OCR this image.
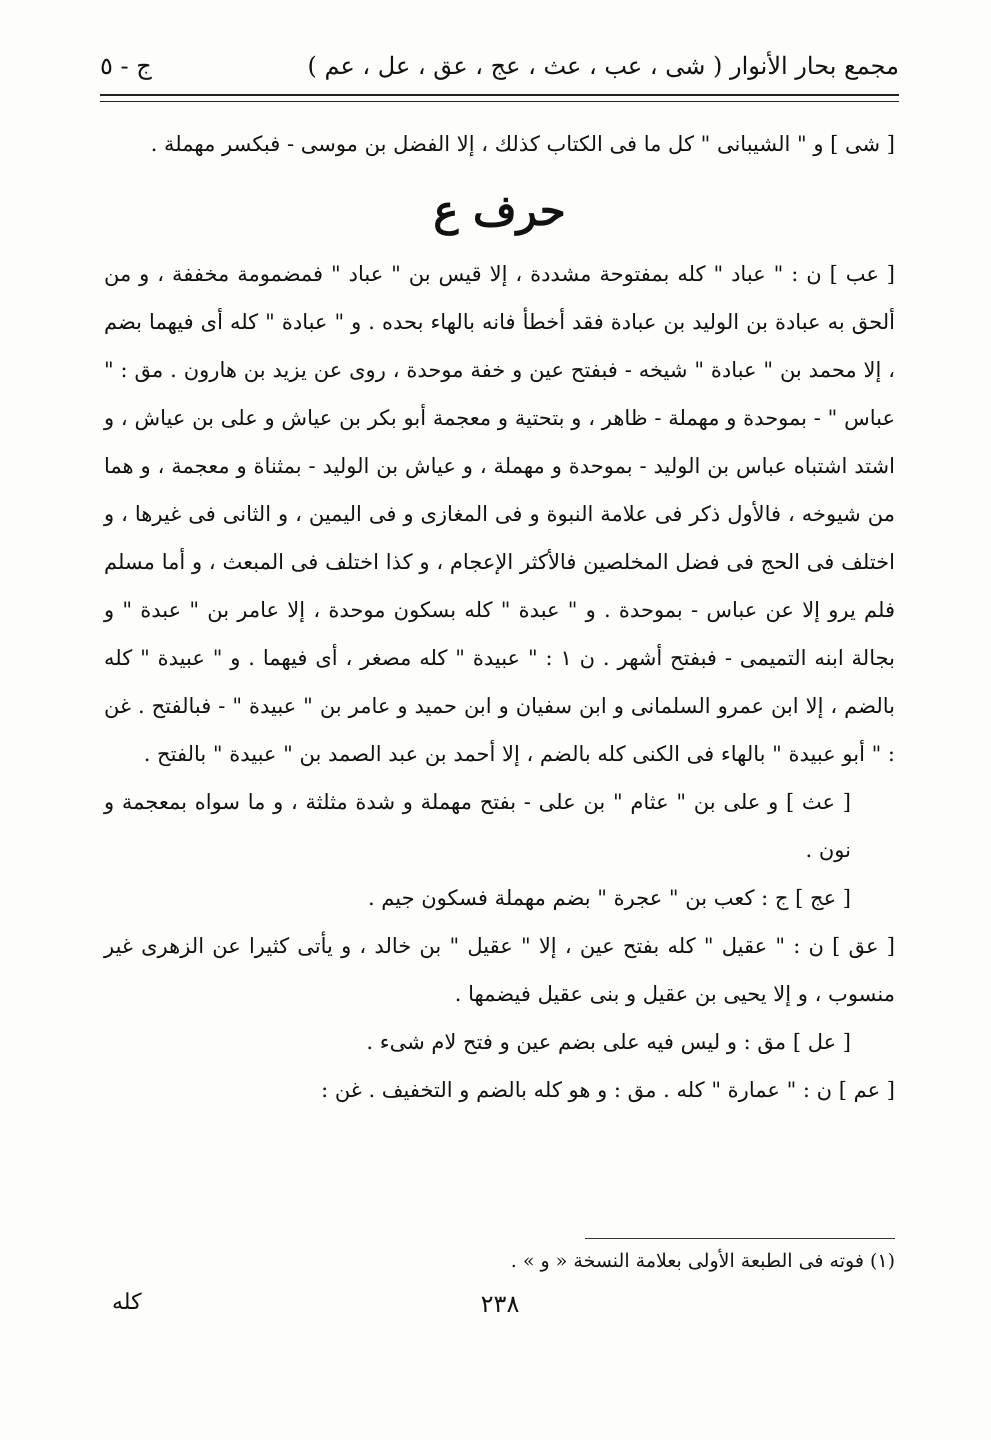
مجمع بحار الأنوار ( شى ، عب ، عث ، عج ، عق ، عل ، عم )
ج - ٥

[ شى ] و " الشيبانى " كل ما فى الكتاب كذلك ، إلا الفضل بن موسى - فبكسر مهملة .

حرف ع

[ عب ] ن : " عباد " كله بمفتوحة مشددة ، إلا قيس بن " عباد " فمضمومة مخففة ، و من ألحق به عبادة بن الوليد بن عبادة فقد أخطأ فانه بالهاء بحده . و " عبادة " كله أى فيهما بضم ، إلا محمد بن " عبادة " شيخه - فبفتح عين و خفة موحدة ، روى عن يزيد بن هارون . مق : " عباس " - بموحدة و مهملة - ظاهر ، و بتحتية و معجمة أبو بكر بن عياش و على بن عياش ، و اشتد اشتباه عباس بن الوليد - بموحدة و مهملة ، و عياش بن الوليد - بمثناة و معجمة ، و هما من شيوخه ، فالأول ذكر فى علامة النبوة و فى المغازى و فى اليمين ، و الثانى فى غيرها ، و اختلف فى الحج فى فضل المخلصين فالأكثر الإعجام ، و كذا اختلف فى المبعث ، و أما مسلم فلم يرو إلا عن عباس - بموحدة . و " عبدة " كله بسكون موحدة ، إلا عامر بن " عبدة " و بجالة ابنه التميمى - فبفتح أشهر . ن ١ : " عبيدة " كله مصغر ، أى فيهما . و " عبيدة " كله بالضم ، إلا ابن عمرو السلمانى و ابن سفيان و ابن حميد و عامر بن " عبيدة " - فبالفتح . غن : " أبو عبيدة " بالهاء فى الكنى كله بالضم ، إلا أحمد بن عبد الصمد بن " عبيدة " بالفتح .

[ عث ] و على بن " عثام " بن على - بفتح مهملة و شدة مثلثة ، و ما سواه بمعجمة و نون .

[ عج ] ج : كعب بن " عجرة " بضم مهملة فسكون جيم .

[ عق ] ن : " عقيل " كله بفتح عين ، إلا " عقيل " بن خالد ، و يأتى كثيرا عن الزهرى غير منسوب ، و إلا يحيى بن عقيل و بنى عقيل فيضمها .

[ عل ] مق : و ليس فيه على بضم عين و فتح لام شىء .

[ عم ] ن : " عمارة " كله . مق : و هو كله بالضم و التخفيف . غن :

(١) فوته فى الطبعة الأولى بعلامة النسخة « و » .
٢٣٨
كله
